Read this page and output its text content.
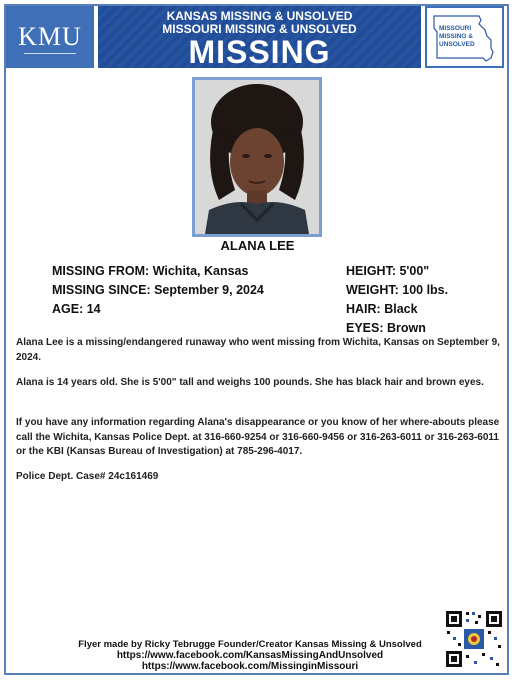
KMU
KANSAS MISSING & UNSOLVED
MISSOURI MISSING & UNSOLVED
MISSING
MISSOURI MISSING & UNSOLVED
ALANA LEE
MISSING FROM: Wichita, Kansas
MISSING SINCE: September 9, 2024
AGE: 14
HEIGHT: 5'00"
WEIGHT: 100 lbs.
HAIR: Black
EYES: Brown
Alana Lee is a missing/endangered runaway who went missing from Wichita, Kansas on September 9, 2024.
Alana is 14 years old. She is 5'00" tall and weighs 100 pounds. She has black hair and brown eyes.
If you have any information regarding Alana's disappearance or you know of her where-abouts please call the Wichita, Kansas Police Dept. at 316-660-9254 or 316-660-9456 or 316-263-6011 or 316-263-6011 or the KBI (Kansas Bureau of Investigation) at 785-296-4017.
Police Dept. Case# 24c161469
Flyer made by Ricky Tebrugge Founder/Creator Kansas Missing & Unsolved
https://www.facebook.com/KansasMissingAndUnsolved
https://www.facebook.com/MissinginMissouri
